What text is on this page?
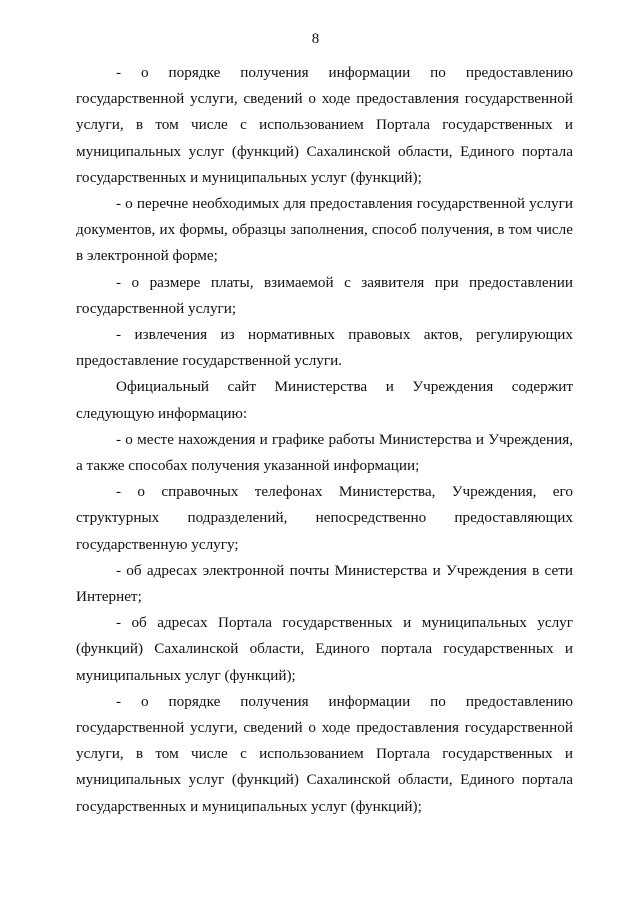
8

- о порядке получения информации по предоставлению государственной услуги, сведений о ходе предоставления государственной услуги, в том числе с использованием Портала государственных и муниципальных услуг (функций) Сахалинской области, Единого портала государственных и муниципальных услуг (функций);

- о перечне необходимых для предоставления государственной услуги документов, их формы, образцы заполнения, способ получения, в том числе в электронной форме;

- о размере платы, взимаемой с заявителя при предоставлении государственной услуги;

- извлечения из нормативных правовых актов, регулирующих предоставление государственной услуги.

Официальный сайт Министерства и Учреждения содержит следующую информацию:

- о месте нахождения и графике работы Министерства и Учреждения, а также способах получения указанной информации;

- о справочных телефонах Министерства, Учреждения, его структурных подразделений, непосредственно предоставляющих государственную услугу;

- об адресах электронной почты Министерства и Учреждения в сети Интернет;

- об адресах Портала государственных и муниципальных услуг (функций) Сахалинской области, Единого портала государственных и муниципальных услуг (функций);

- о порядке получения информации по предоставлению государственной услуги, сведений о ходе предоставления государственной услуги, в том числе с использованием Портала государственных и муниципальных услуг (функций) Сахалинской области, Единого портала государственных и муниципальных услуг (функций);
